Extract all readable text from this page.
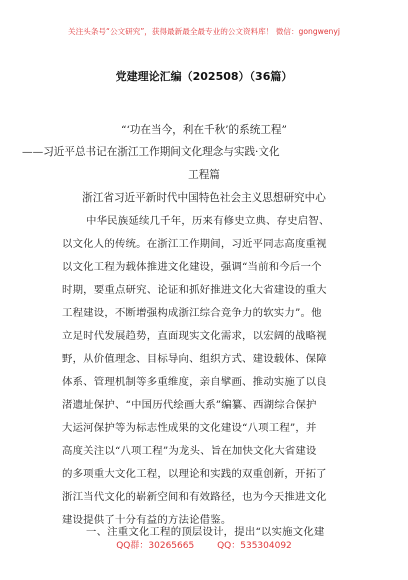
关注头条号“公文研究”，获得最新最全最专业的公文资料库！ 微信：gongwenyj
党建理论汇编（202508）（36篇）
“‘功在当今，利在千秋’的系统工程”
——习近平总书记在浙江工作期间文化理念与实践·文化
工程篇
浙江省习近平新时代中国特色社会主义思想研究中心
中华民族延续几千年，历来有修史立典、存史启智、
以文化人的传统。在浙江工作期间，习近平同志高度重视
以文化工程为载体推进文化建设，强调“当前和今后一个
时期，要重点研究、论证和抓好推进文化大省建设的重大
工程建设，不断增强构成浙江综合竞争力的软实力”。他
立足时代发展趋势，直面现实文化需求，以宏阔的战略视
野，从价值理念、目标导向、组织方式、建设载体、保障
体系、管理机制等多重维度，亲自擘画、推动实施了以良
渚遗址保护、“中国历代绘画大系”编纂、西湖综合保护
大运河保护等为标志性成果的文化建设“八项工程”，并
高度关注以“八项工程”为龙头、旨在加快文化大省建设
的多项重大文化工程，以理论和实践的双重创新，开拓了
浙江当代文化的崭新空间和有效路径，也为今天推进文化
建设提供了十分有益的方法论借鉴。
一、注重文化工程的顶层设计，提出“以实施文化建
QQ群：30265665	QQ：535304092
